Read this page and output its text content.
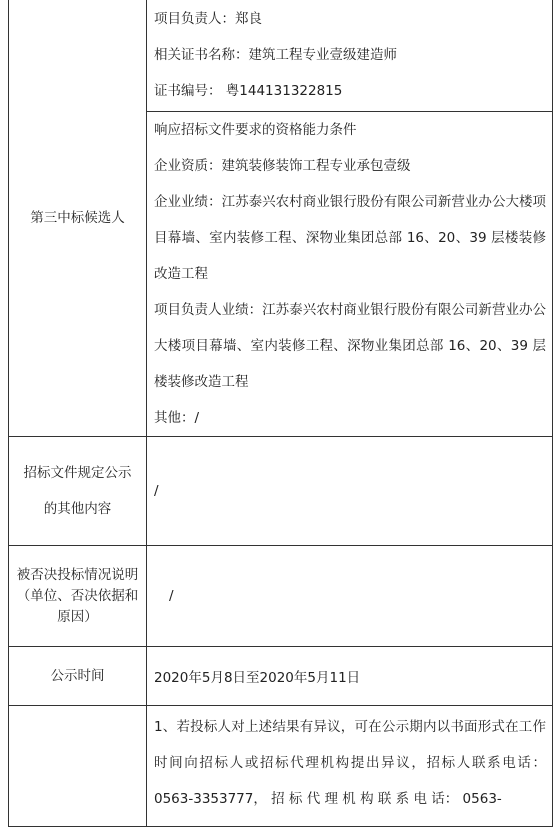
第三中标候选人	项目负责人：郑良
相关证书名称：建筑工程专业壹级建造师
证书编号： 粤144131322815

	响应招标文件要求的资格能力条件
企业资质：建筑装修装饰工程专业承包壹级
企业业绩：江苏泰兴农村商业银行股份有限公司新营业办公大楼项目幕墙、室内装修工程、深物业集团总部 16、20、39 层楼装修改造工程
项目负责人业绩：江苏泰兴农村商业银行股份有限公司新营业办公大楼项目幕墙、室内装修工程、深物业集团总部 16、20、39 层楼装修改造工程
其他：/

招标文件规定公示的其他内容	/
被否决投标情况说明（单位、否决依据和原因）	/
公示时间	2020年5月8日至2020年5月11日

	1、若投标人对上述结果有异议，可在公示期内以书面形式在工作时间向招标人或招标代理机构提出异议，招标人联系电话： 0563-3353777， 招 标 代 理 机 构 联 系 电 话： 0563-
